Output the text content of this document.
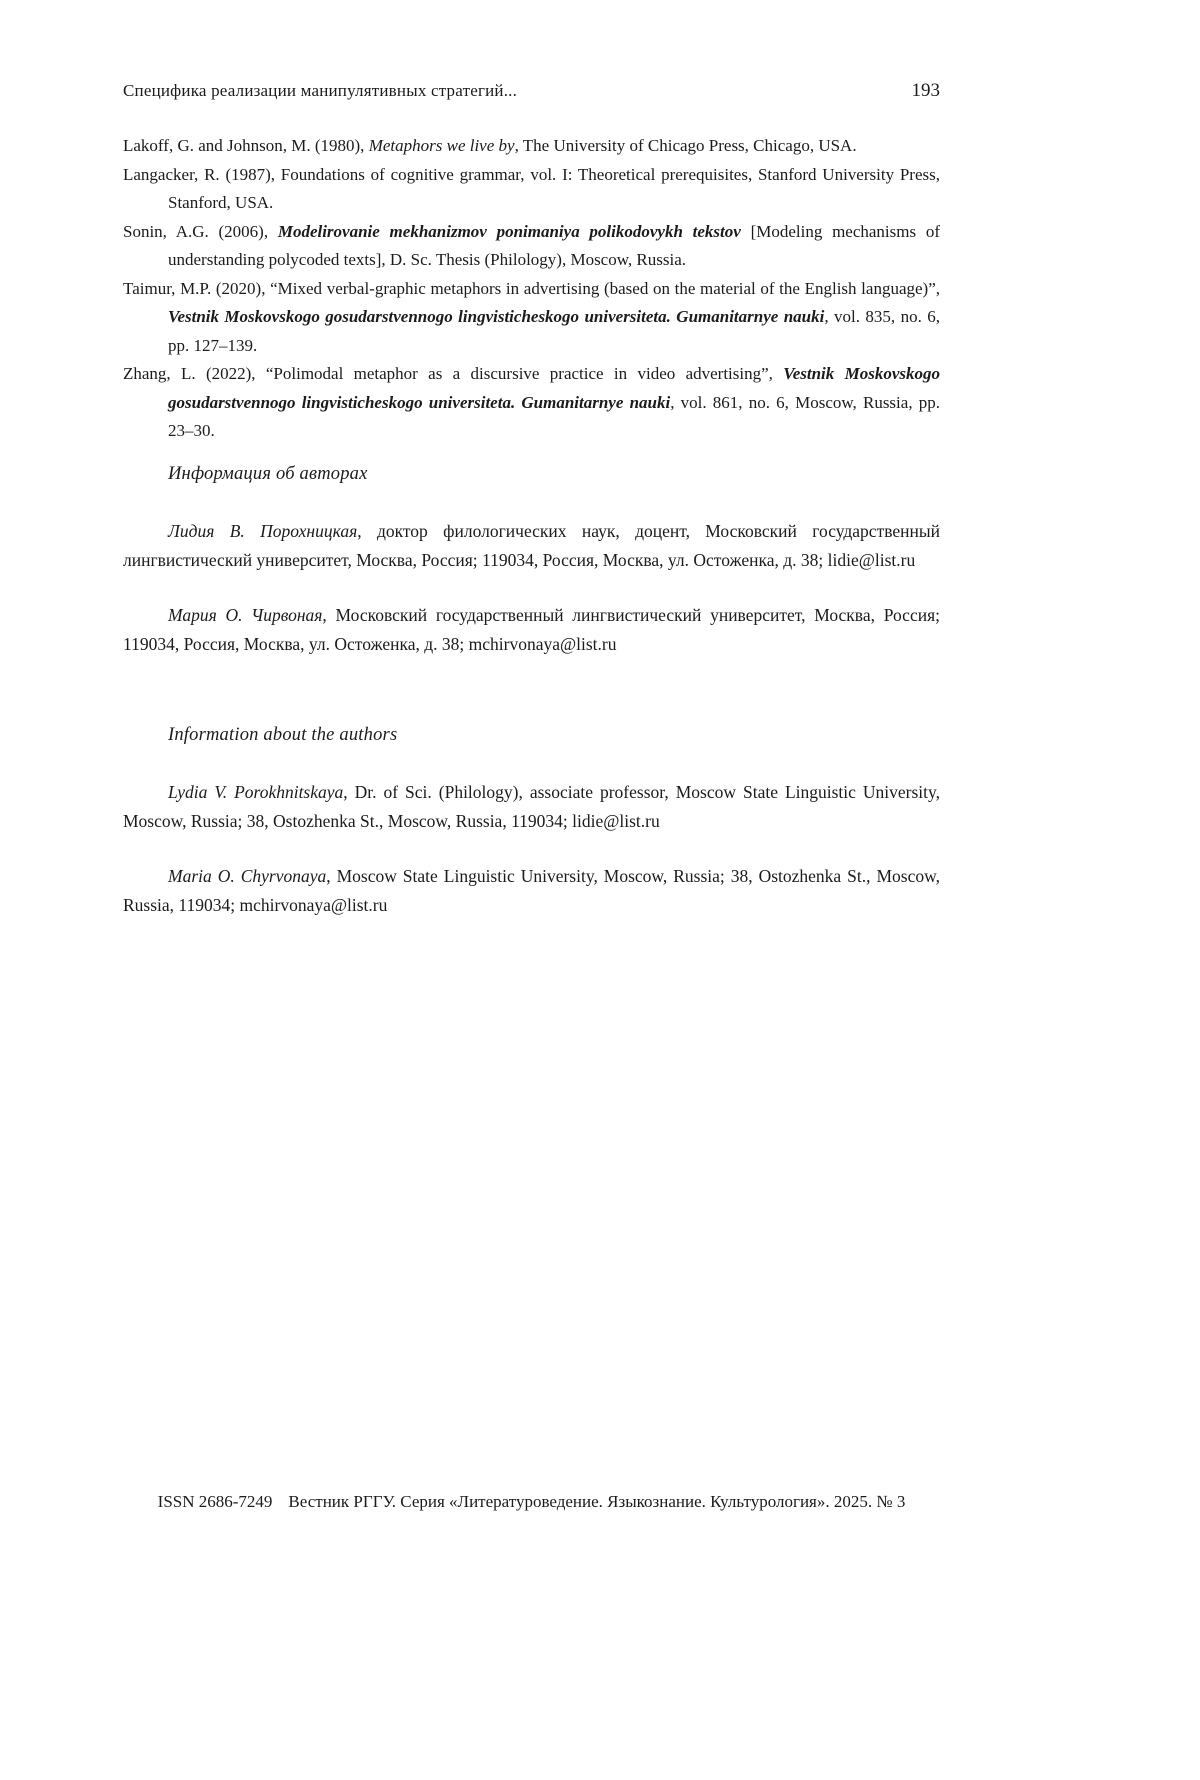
Специфика реализации манипулятивных стратегий...	193

Lakoff, G. and Johnson, M. (1980), Metaphors we live by, The University of Chicago Press, Chicago, USA.

Langacker, R. (1987), Foundations of cognitive grammar, vol. I: Theoretical prerequisites, Stanford University Press, Stanford, USA.

Sonin, A.G. (2006), Modelirovanie mekhanizmov ponimaniya polikodovykh tekstov [Modeling mechanisms of understanding polycoded texts], D. Sc. Thesis (Philology), Moscow, Russia.

Taimur, M.P. (2020), “Mixed verbal-graphic metaphors in advertising (based on the material of the English language)”, Vestnik Moskovskogo gosudarstvennogo lingvisticheskogo universiteta. Gumanitarnye nauki, vol. 835, no. 6, pp. 127–139.

Zhang, L. (2022), “Polimodal metaphor as a discursive practice in video advertising”, Vestnik Moskovskogo gosudarstvennogo lingvisticheskogo universiteta. Gumanitarnye nauki, vol. 861, no. 6, Moscow, Russia, pp. 23–30.

Информация об авторах

Лидия В. Порохницкая, доктор филологических наук, доцент, Московский государственный лингвистический университет, Москва, Россия; 119034, Россия, Москва, ул. Остоженка, д. 38; lidie@list.ru

Мария О. Чирвоная, Московский государственный лингвистический университет, Москва, Россия; 119034, Россия, Москва, ул. Остоженка, д. 38; mchirvonaya@list.ru

Information about the authors

Lydia V. Porokhnitskaya, Dr. of Sci. (Philology), associate professor, Moscow State Linguistic University, Moscow, Russia; 38, Ostozhenka St., Moscow, Russia, 119034; lidie@list.ru

Maria O. Chyrvonaya, Moscow State Linguistic University, Moscow, Russia; 38, Ostozhenka St., Moscow, Russia, 119034; mchirvonaya@list.ru

ISSN 2686-7249 Вестник РГГУ. Серия «Литературоведение. Языкознание. Культурология». 2025. № 3
